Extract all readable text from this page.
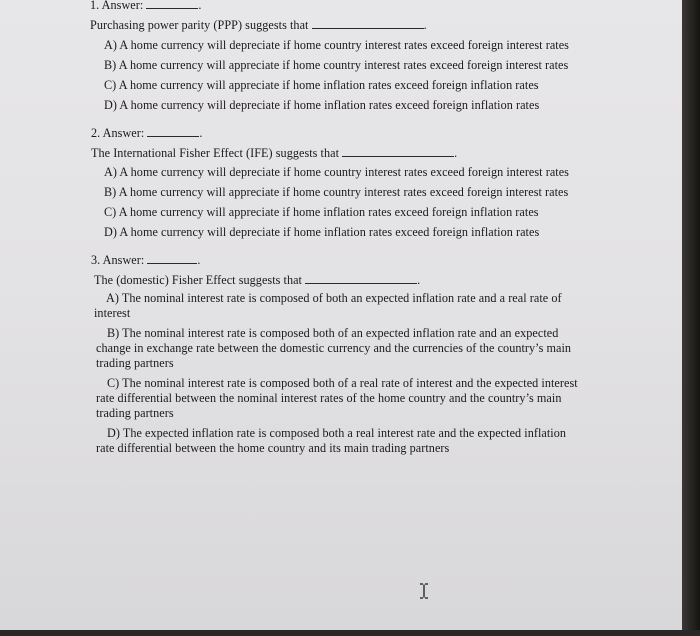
1. Answer:	.
Purchasing power parity (PPP) suggests that	.
A) A home currency will depreciate if home country interest rates exceed foreign interest rates
B) A home currency will appreciate if home country interest rates exceed foreign interest rates
C) A home currency will appreciate if home inflation rates exceed foreign inflation rates
D) A home currency will depreciate if home inflation rates exceed foreign inflation rates
2. Answer:	.
The International Fisher Effect (IFE) suggests that	.
A) A home currency will depreciate if home country interest rates exceed foreign interest rates
B) A home currency will appreciate if home country interest rates exceed foreign interest rates
C) A home currency will appreciate if home inflation rates exceed foreign inflation rates
D) A home currency will depreciate if home inflation rates exceed foreign inflation rates
3. Answer:	.
The (domestic) Fisher Effect suggests that	.
A) The nominal interest rate is composed of both an expected inflation rate and a real rate of
interest
B) The nominal interest rate is composed both of an expected inflation rate and an expected
change in exchange rate between the domestic currency and the currencies of the country’s main
trading partners
C) The nominal interest rate is composed both of a real rate of interest and the expected interest
rate differential between the nominal interest rates of the home country and the country’s main
trading partners
D) The expected inflation rate is composed both a real interest rate and the expected inflation
rate differential between the home country and its main trading partners
